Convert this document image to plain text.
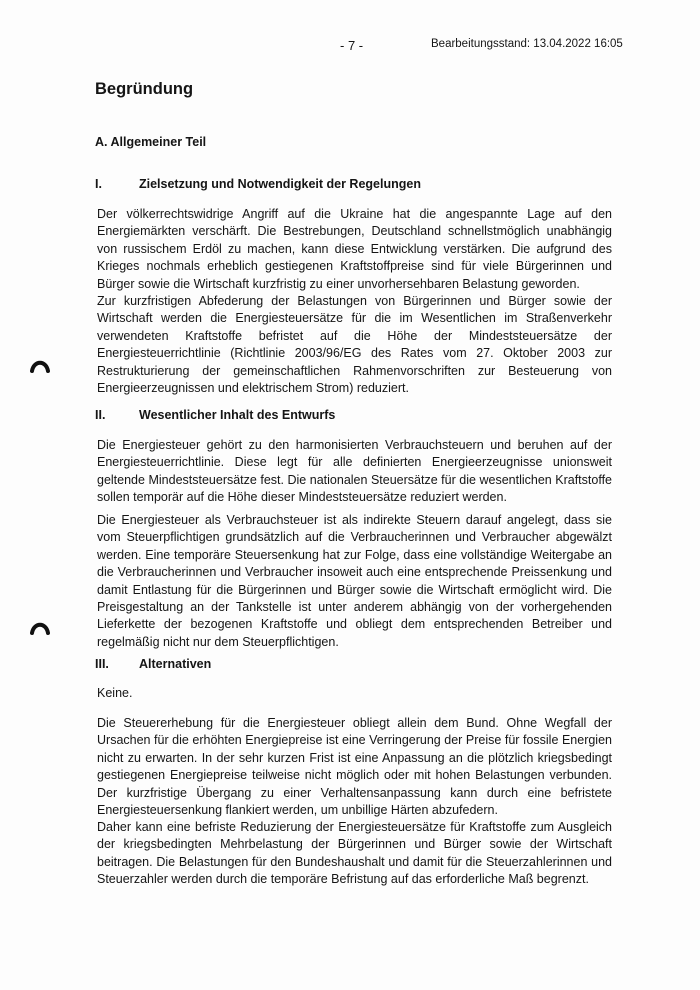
- 7 -	Bearbeitungsstand: 13.04.2022 16:05
Begründung
A. Allgemeiner Teil
I.	Zielsetzung und Notwendigkeit der Regelungen

Der völkerrechtswidrige Angriff auf die Ukraine hat die angespannte Lage auf den Energiemärkten verschärft. Die Bestrebungen, Deutschland schnellstmöglich unabhängig von russischem Erdöl zu machen, kann diese Entwicklung verstärken. Die aufgrund des Krieges nochmals erheblich gestiegenen Kraftstoffpreise sind für viele Bürgerinnen und Bürger sowie die Wirtschaft kurzfristig zu einer unvorhersehbaren Belastung geworden.

Zur kurzfristigen Abfederung der Belastungen von Bürgerinnen und Bürger sowie der Wirtschaft werden die Energiesteuersätze für die im Wesentlichen im Straßenverkehr verwendeten Kraftstoffe befristet auf die Höhe der Mindeststeuersätze der Energiesteuerrichtlinie (Richtlinie 2003/96/EG des Rates vom 27. Oktober 2003 zur Restrukturierung der gemeinschaftlichen Rahmenvorschriften zur Besteuerung von Energieerzeugnissen und elektrischem Strom) reduziert.

II.	Wesentlicher Inhalt des Entwurfs

Die Energiesteuer gehört zu den harmonisierten Verbrauchsteuern und beruhen auf der Energiesteuerrichtlinie. Diese legt für alle definierten Energieerzeugnisse unionsweit geltende Mindeststeuersätze fest. Die nationalen Steuersätze für die wesentlichen Kraftstoffe sollen temporär auf die Höhe dieser Mindeststeuersätze reduziert werden.

Die Energiesteuer als Verbrauchsteuer ist als indirekte Steuern darauf angelegt, dass sie vom Steuerpflichtigen grundsätzlich auf die Verbraucherinnen und Verbraucher abgewälzt werden. Eine temporäre Steuersenkung hat zur Folge, dass eine vollständige Weitergabe an die Verbraucherinnen und Verbraucher insoweit auch eine entsprechende Preissenkung und damit Entlastung für die Bürgerinnen und Bürger sowie die Wirtschaft ermöglicht wird. Die Preisgestaltung an der Tankstelle ist unter anderem abhängig von der vorhergehenden Lieferkette der bezogenen Kraftstoffe und obliegt dem entsprechenden Betreiber und regelmäßig nicht nur dem Steuerpflichtigen.

III. Alternativen

Keine.

Die Steuererhebung für die Energiesteuer obliegt allein dem Bund. Ohne Wegfall der Ursachen für die erhöhten Energiepreise ist eine Verringerung der Preise für fossile Energien nicht zu erwarten. In der sehr kurzen Frist ist eine Anpassung an die plötzlich kriegsbedingt gestiegenen Energiepreise teilweise nicht möglich oder mit hohen Belastungen verbunden. Der kurzfristige Übergang zu einer Verhaltensanpassung kann durch eine befristete Energiesteuersenkung flankiert werden, um unbillige Härten abzufedern.

Daher kann eine befriste Reduzierung der Energiesteuersätze für Kraftstoffe zum Ausgleich der kriegsbedingten Mehrbelastung der Bürgerinnen und Bürger sowie der Wirtschaft beitragen. Die Belastungen für den Bundeshaushalt und damit für die Steuerzahlerinnen und Steuerzahler werden durch die temporäre Befristung auf das erforderliche Maß begrenzt.
